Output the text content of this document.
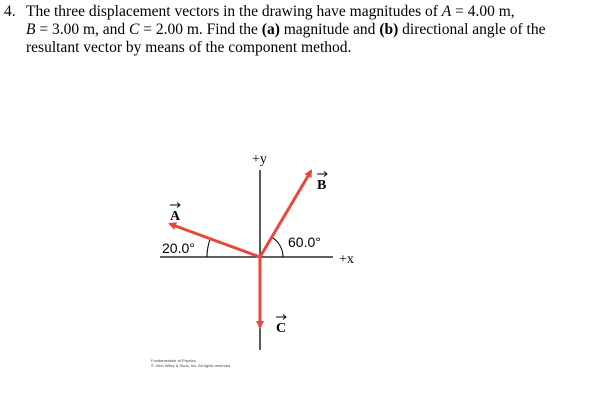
4. The three displacement vectors in the drawing have magnitudes of A = 4.00 m,
B = 3.00 m, and C = 2.00 m. Find the (a) magnitude and (b) directional angle of the
resultant vector by means of the component method.
+y
+x
A
B
C
20.0°	60.0°
Fundamentals of Physics
© John Wiley & Sons, Inc. All rights reserved.
